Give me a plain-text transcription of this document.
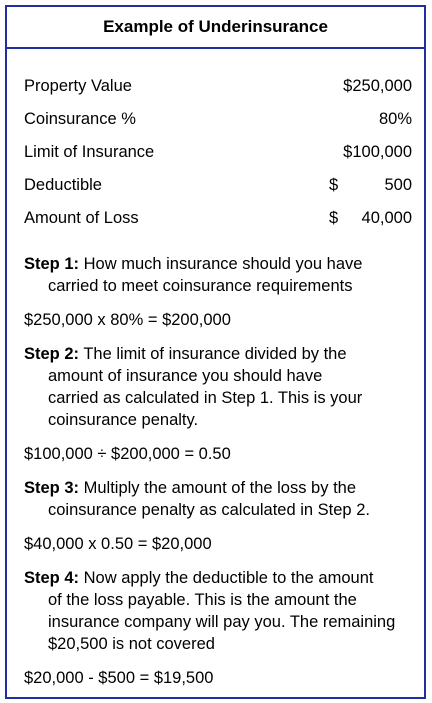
Example of Underinsurance
Property Value	$250,000
Coinsurance %	80%
Limit of Insurance	$100,000
Deductible	$	500
Amount of Loss	$ 40,000
Step 1: How much insurance should you have
carried to meet coinsurance requirements
$250,000 x 80% = $200,000
Step 2: The limit of insurance divided by the
amount of insurance you should have
carried as calculated in Step 1. This is your
coinsurance penalty.
$100,000 ÷ $200,000 = 0.50
Step 3: Multiply the amount of the loss by the
coinsurance penalty as calculated in Step 2.
$40,000 x 0.50 = $20,000
Step 4: Now apply the deductible to the amount
of the loss payable. This is the amount the
insurance company will pay you. The remaining
$20,500 is not covered
$20,000 - $500 = $19,500
